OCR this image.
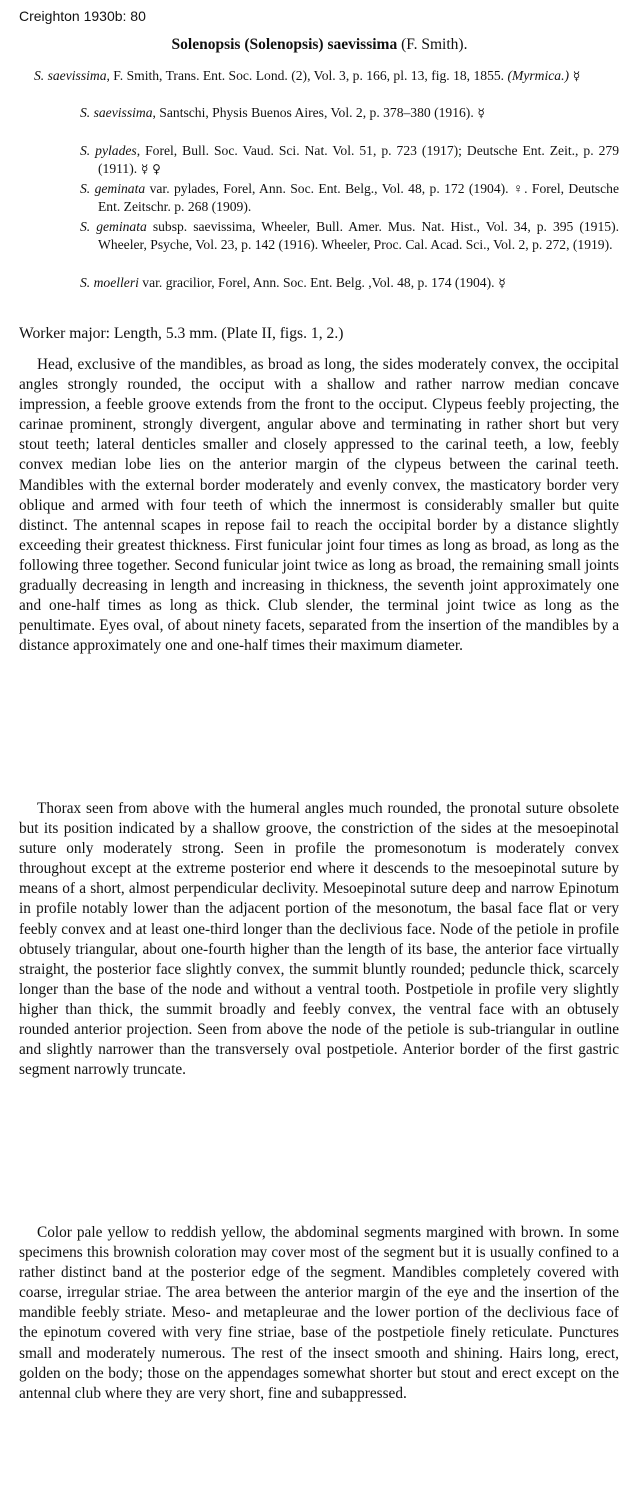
Creighton 1930b: 80
Solenopsis (Solenopsis) saevissima (F. Smith).
S. saevissima, F. Smith, Trans. Ent. Soc. Lond. (2), Vol. 3, p. 166, pl. 13, fig. 18, 1855. (Myrmica.) ☿
S. saevissima, Santschi, Physis Buenos Aires, Vol. 2, p. 378–380 (1916). ☿
S. pylades, Forel, Bull. Soc. Vaud. Sci. Nat. Vol. 51, p. 723 (1917); Deutsche Ent. Zeit., p. 279 (1911). ☿ ♀
S. geminata var. pylades, Forel, Ann. Soc. Ent. Belg., Vol. 48, p. 172 (1904). ♀. Forel, Deutsche Ent. Zeitschr. p. 268 (1909).
S. geminata subsp. saevissima, Wheeler, Bull. Amer. Mus. Nat. Hist., Vol. 34, p. 395 (1915). Wheeler, Psyche, Vol. 23, p. 142 (1916). Wheeler, Proc. Cal. Acad. Sci., Vol. 2, p. 272, (1919).
S. moelleri var. gracilior, Forel, Ann. Soc. Ent. Belg. ,Vol. 48, p. 174 (1904). ☿
Worker major: Length, 5.3 mm. (Plate II, figs. 1, 2.)

Head, exclusive of the mandibles, as broad as long, the sides moderately convex, the occipital angles strongly rounded, the occiput with a shallow and rather narrow median concave impression, a feeble groove extends from the front to the occiput. Clypeus feebly projecting, the carinae prominent, strongly divergent, angular above and terminating in rather short but very stout teeth; lateral denticles smaller and closely appressed to the carinal teeth, a low, feebly convex median lobe lies on the anterior margin of the clypeus between the carinal teeth. Mandibles with the external border moderately and evenly convex, the masticatory border very oblique and armed with four teeth of which the innermost is considerably smaller but quite distinct. The antennal scapes in repose fail to reach the occipital border by a distance slightly exceeding their greatest thickness. First funicular joint four times as long as broad, as long as the following three together. Second funicular joint twice as long as broad, the remaining small joints gradually decreasing in length and increasing in thickness, the seventh joint approximately one and one-half times as long as thick. Club slender, the terminal joint twice as long as the penultimate. Eyes oval, of about ninety facets, separated from the insertion of the mandibles by a distance approximately one and one-half times their maximum diameter.

Thorax seen from above with the humeral angles much rounded, the pronotal suture obsolete but its position indicated by a shallow groove, the constriction of the sides at the mesoepinotal suture only moderately strong. Seen in profile the promesonotum is moderately convex throughout except at the extreme posterior end where it descends to the mesoepinotal suture by means of a short, almost perpendicular declivity. Mesoepinotal suture deep and narrow Epinotum in profile notably lower than the adjacent portion of the mesonotum, the basal face flat or very feebly convex and at least one-third longer than the declivious face. Node of the petiole in profile obtusely triangular, about one-fourth higher than the length of its base, the anterior face virtually straight, the posterior face slightly convex, the summit bluntly rounded; peduncle thick, scarcely longer than the base of the node and without a ventral tooth. Postpetiole in profile very slightly higher than thick, the summit broadly and feebly convex, the ventral face with an obtusely rounded anterior projection. Seen from above the node of the petiole is sub-triangular in outline and slightly narrower than the transversely oval postpetiole. Anterior border of the first gastric segment narrowly truncate.

Color pale yellow to reddish yellow, the abdominal segments margined with brown. In some specimens this brownish coloration may cover most of the segment but it is usually confined to a rather distinct band at the posterior edge of the segment. Mandibles completely covered with coarse, irregular striae. The area between the anterior margin of the eye and the insertion of the mandible feebly striate. Meso- and metapleurae and the lower portion of the declivious face of the epinotum covered with very fine striae, base of the postpetiole finely reticulate. Punctures small and moderately numerous. The rest of the insect smooth and shining. Hairs long, erect, golden on the body; those on the appendages somewhat shorter but stout and erect except on the antennal club where they are very short, fine and subappressed.
